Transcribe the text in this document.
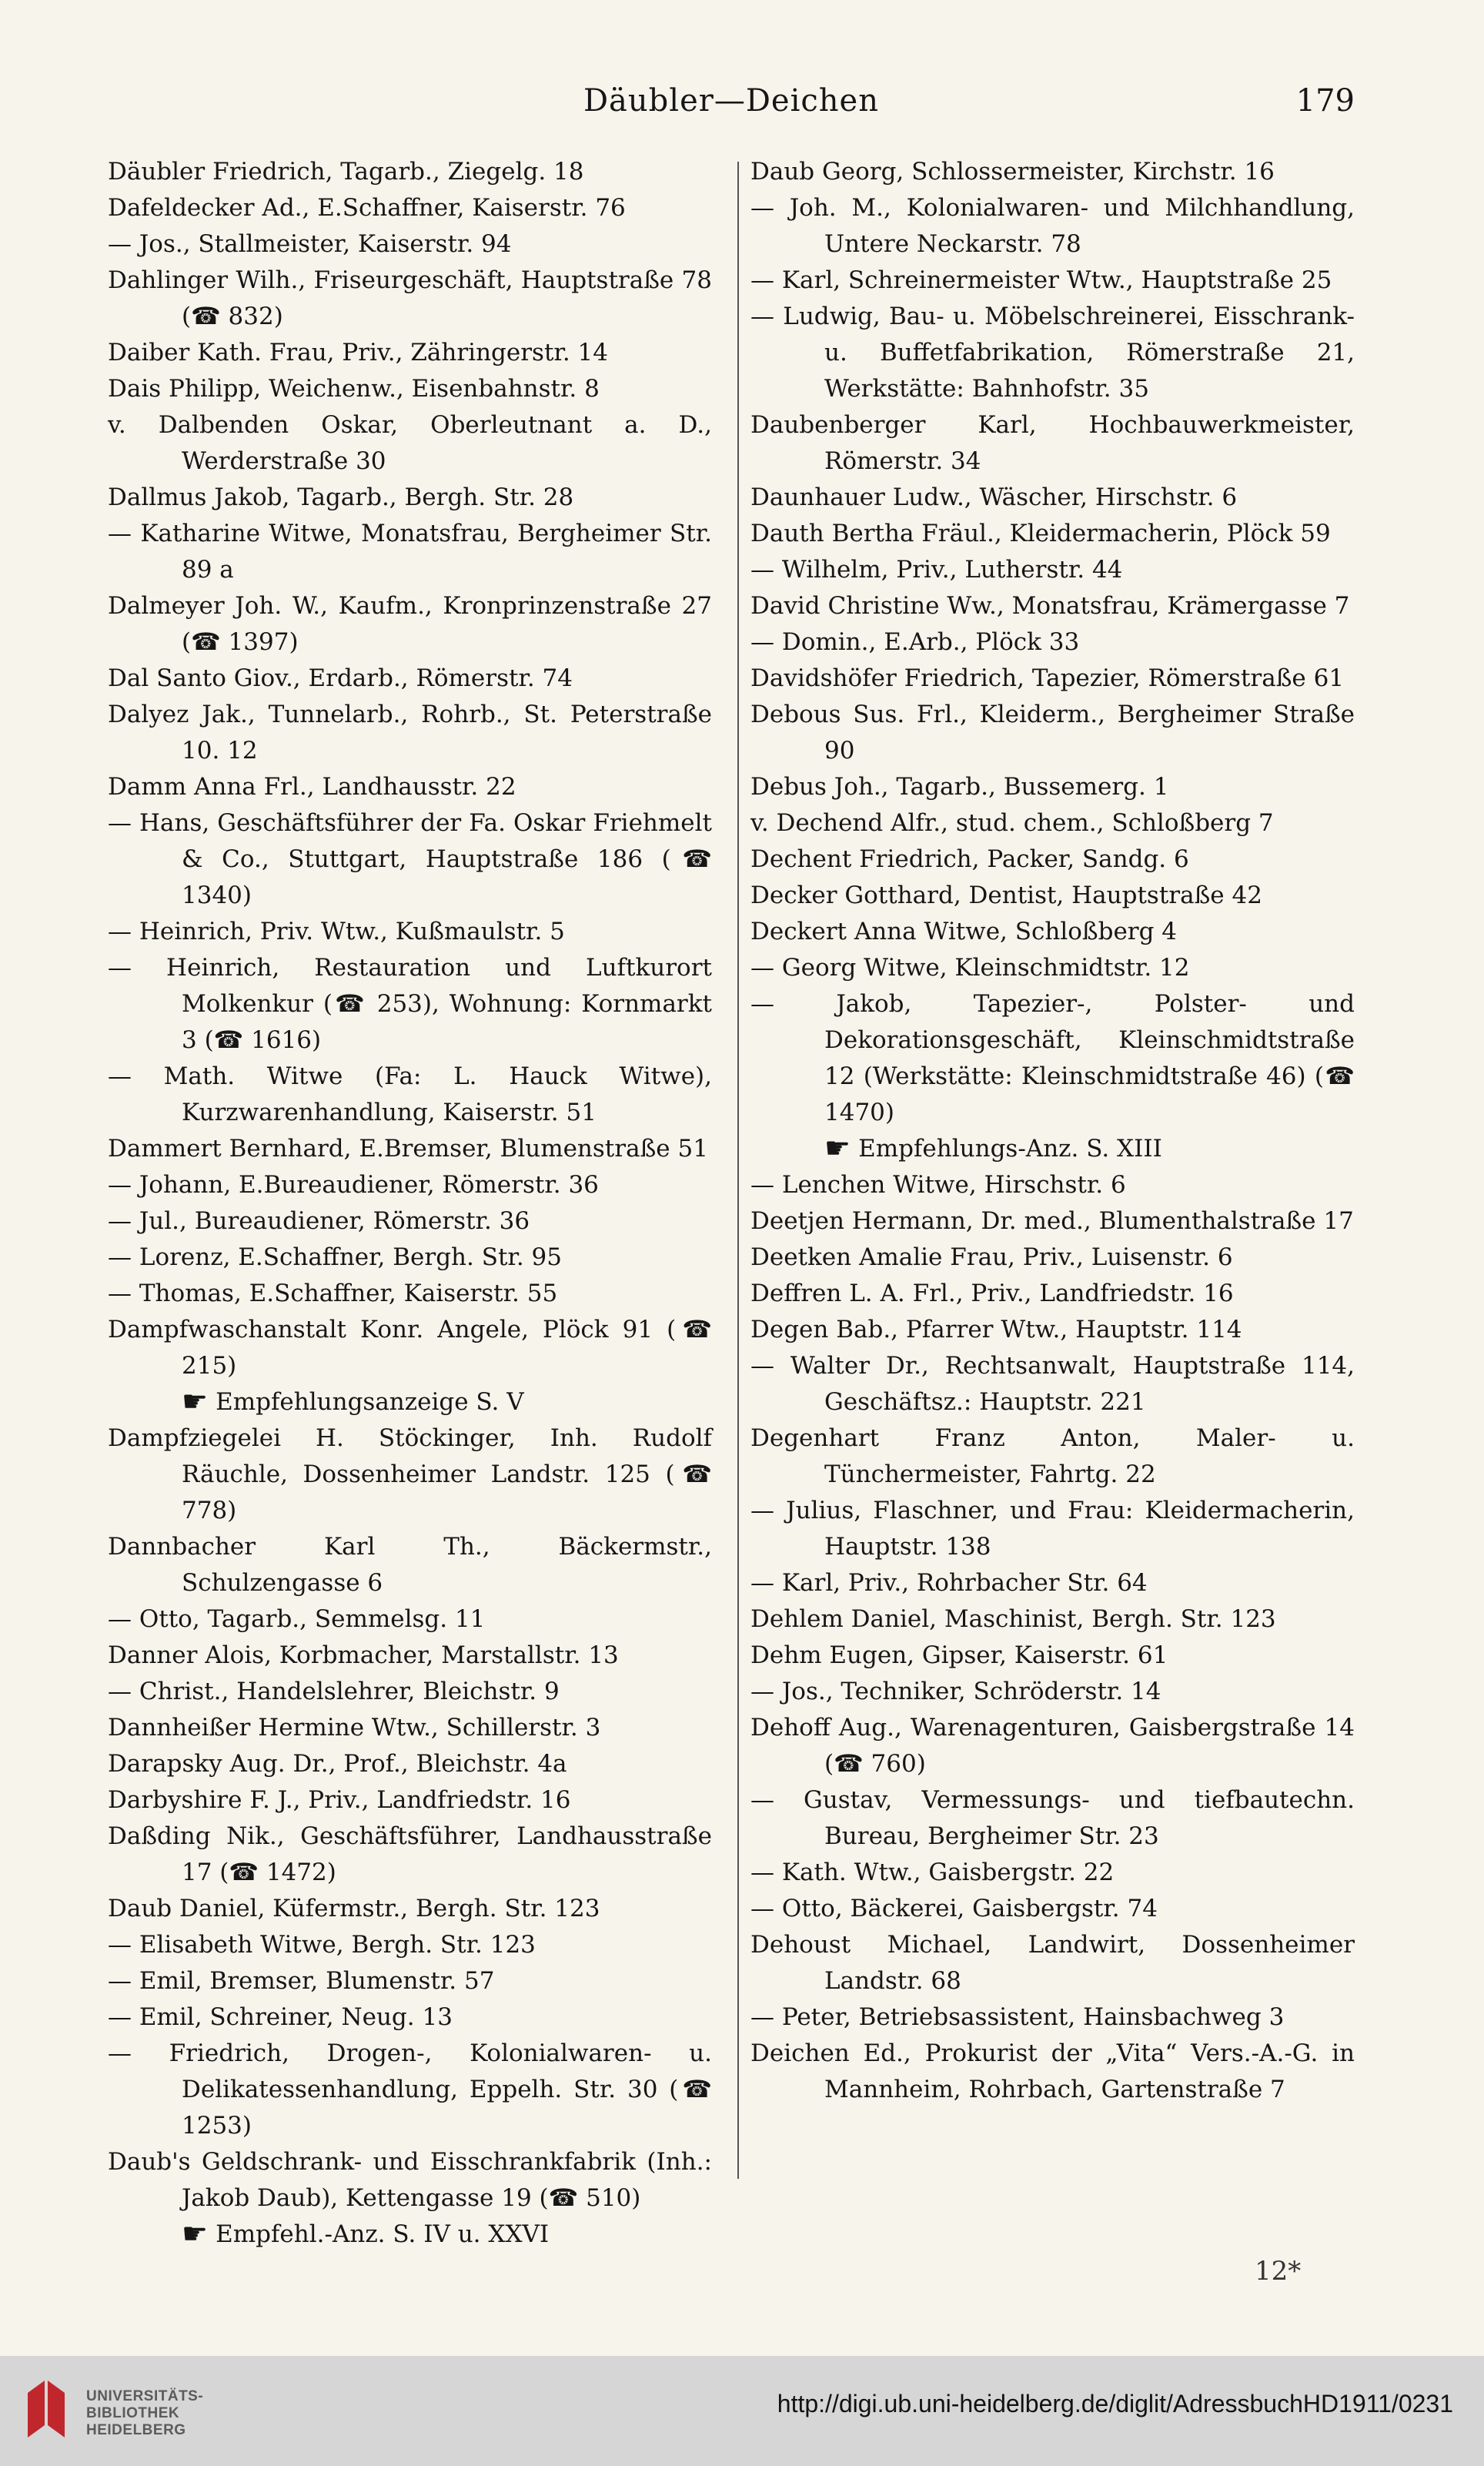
Däubler—Deichen	179

Däubler Friedrich, Tagarb., Ziegelg. 18

Dafeldecker Ad., E.Schaffner, Kaiserstr. 76

— Jos., Stallmeister, Kaiserstr. 94

Dahlinger Wilh., Friseurgeschäft, Hauptstraße 78 (☎ 832)

Daiber Kath. Frau, Priv., Zähringerstr. 14

Dais Philipp, Weichenw., Eisenbahnstr. 8

v. Dalbenden Oskar, Oberleutnant a. D., Werderstraße 30

Dallmus Jakob, Tagarb., Bergh. Str. 28

— Katharine Witwe, Monatsfrau, Bergheimer Str. 89 a

Dalmeyer Joh. W., Kaufm., Kronprinzenstraße 27 (☎ 1397)

Dal Santo Giov., Erdarb., Römerstr. 74

Dalyez Jak., Tunnelarb., Rohrb., St. Peterstraße 10. 12

Damm Anna Frl., Landhausstr. 22

— Hans, Geschäftsführer der Fa. Oskar Friehmelt & Co., Stuttgart, Hauptstraße 186 (☎ 1340)

— Heinrich, Priv. Wtw., Kußmaulstr. 5

— Heinrich, Restauration und Luftkurort Molkenkur (☎ 253), Wohnung: Kornmarkt 3 (☎ 1616)

— Math. Witwe (Fa: L. Hauck Witwe), Kurzwarenhandlung, Kaiserstr. 51

Dammert Bernhard, E.Bremser, Blumenstraße 51

— Johann, E.Bureaudiener, Römerstr. 36

— Jul., Bureaudiener, Römerstr. 36

— Lorenz, E.Schaffner, Bergh. Str. 95

— Thomas, E.Schaffner, Kaiserstr. 55

Dampfwaschanstalt Konr. Angele, Plöck 91 (☎ 215)

☛ Empfehlungsanzeige S. V

Dampfziegelei H. Stöckinger, Inh. Rudolf Räuchle, Dossenheimer Landstr. 125 (☎ 778)

Dannbacher Karl Th., Bäckermstr., Schulzengasse 6

— Otto, Tagarb., Semmelsg. 11

Danner Alois, Korbmacher, Marstallstr. 13

— Christ., Handelslehrer, Bleichstr. 9

Dannheißer Hermine Wtw., Schillerstr. 3

Darapsky Aug. Dr., Prof., Bleichstr. 4a

Darbyshire F. J., Priv., Landfriedstr. 16

Daßding Nik., Geschäftsführer, Landhausstraße 17 (☎ 1472)

Daub Daniel, Küfermstr., Bergh. Str. 123

— Elisabeth Witwe, Bergh. Str. 123

— Emil, Bremser, Blumenstr. 57

— Emil, Schreiner, Neug. 13

— Friedrich, Drogen-, Kolonialwaren- u. Delikatessenhandlung, Eppelh. Str. 30 (☎ 1253)

Daub's Geldschrank- und Eisschrankfabrik (Inh.: Jakob Daub), Kettengasse 19 (☎ 510)

☛ Empfehl.-Anz. S. IV u. XXVI

Daub Georg, Schlossermeister, Kirchstr. 16

— Joh. M., Kolonialwaren- und Milchhandlung, Untere Neckarstr. 78

— Karl, Schreinermeister Wtw., Hauptstraße 25

— Ludwig, Bau- u. Möbelschreinerei, Eisschrank- u. Buffetfabrikation, Römerstraße 21, Werkstätte: Bahnhofstr. 35

Daubenberger Karl, Hochbauwerkmeister, Römerstr. 34

Daunhauer Ludw., Wäscher, Hirschstr. 6

Dauth Bertha Fräul., Kleidermacherin, Plöck 59

— Wilhelm, Priv., Lutherstr. 44

David Christine Ww., Monatsfrau, Krämergasse 7

— Domin., E.Arb., Plöck 33

Davidshöfer Friedrich, Tapezier, Römerstraße 61

Debous Sus. Frl., Kleiderm., Bergheimer Straße 90

Debus Joh., Tagarb., Bussemerg. 1

v. Dechend Alfr., stud. chem., Schloßberg 7

Dechent Friedrich, Packer, Sandg. 6

Decker Gotthard, Dentist, Hauptstraße 42

Deckert Anna Witwe, Schloßberg 4

— Georg Witwe, Kleinschmidtstr. 12

— Jakob, Tapezier-, Polster- und Dekorationsgeschäft, Kleinschmidtstraße 12 (Werkstätte: Kleinschmidtstraße 46) (☎ 1470)

☛ Empfehlungs-Anz. S. XIII

— Lenchen Witwe, Hirschstr. 6

Deetjen Hermann, Dr. med., Blumenthalstraße 17

Deetken Amalie Frau, Priv., Luisenstr. 6

Deffren L. A. Frl., Priv., Landfriedstr. 16

Degen Bab., Pfarrer Wtw., Hauptstr. 114

— Walter Dr., Rechtsanwalt, Hauptstraße 114, Geschäftsz.: Hauptstr. 221

Degenhart Franz Anton, Maler- u. Tünchermeister, Fahrtg. 22

— Julius, Flaschner, und Frau: Kleidermacherin, Hauptstr. 138

— Karl, Priv., Rohrbacher Str. 64

Dehlem Daniel, Maschinist, Bergh. Str. 123

Dehm Eugen, Gipser, Kaiserstr. 61

— Jos., Techniker, Schröderstr. 14

Dehoff Aug., Warenagenturen, Gaisbergstraße 14 (☎ 760)

— Gustav, Vermessungs- und tiefbautechn. Bureau, Bergheimer Str. 23

— Kath. Wtw., Gaisbergstr. 22

— Otto, Bäckerei, Gaisbergstr. 74

Dehoust Michael, Landwirt, Dossenheimer Landstr. 68

— Peter, Betriebsassistent, Hainsbachweg 3

Deichen Ed., Prokurist der „Vita“ Vers.-A.-G. in Mannheim, Rohrbach, Gartenstraße 7

12*
UNIVERSITÄTS-
BIBLIOTHEK
HEIDELBERG
http://digi.ub.uni-heidelberg.de/diglit/AdressbuchHD1911/0231
